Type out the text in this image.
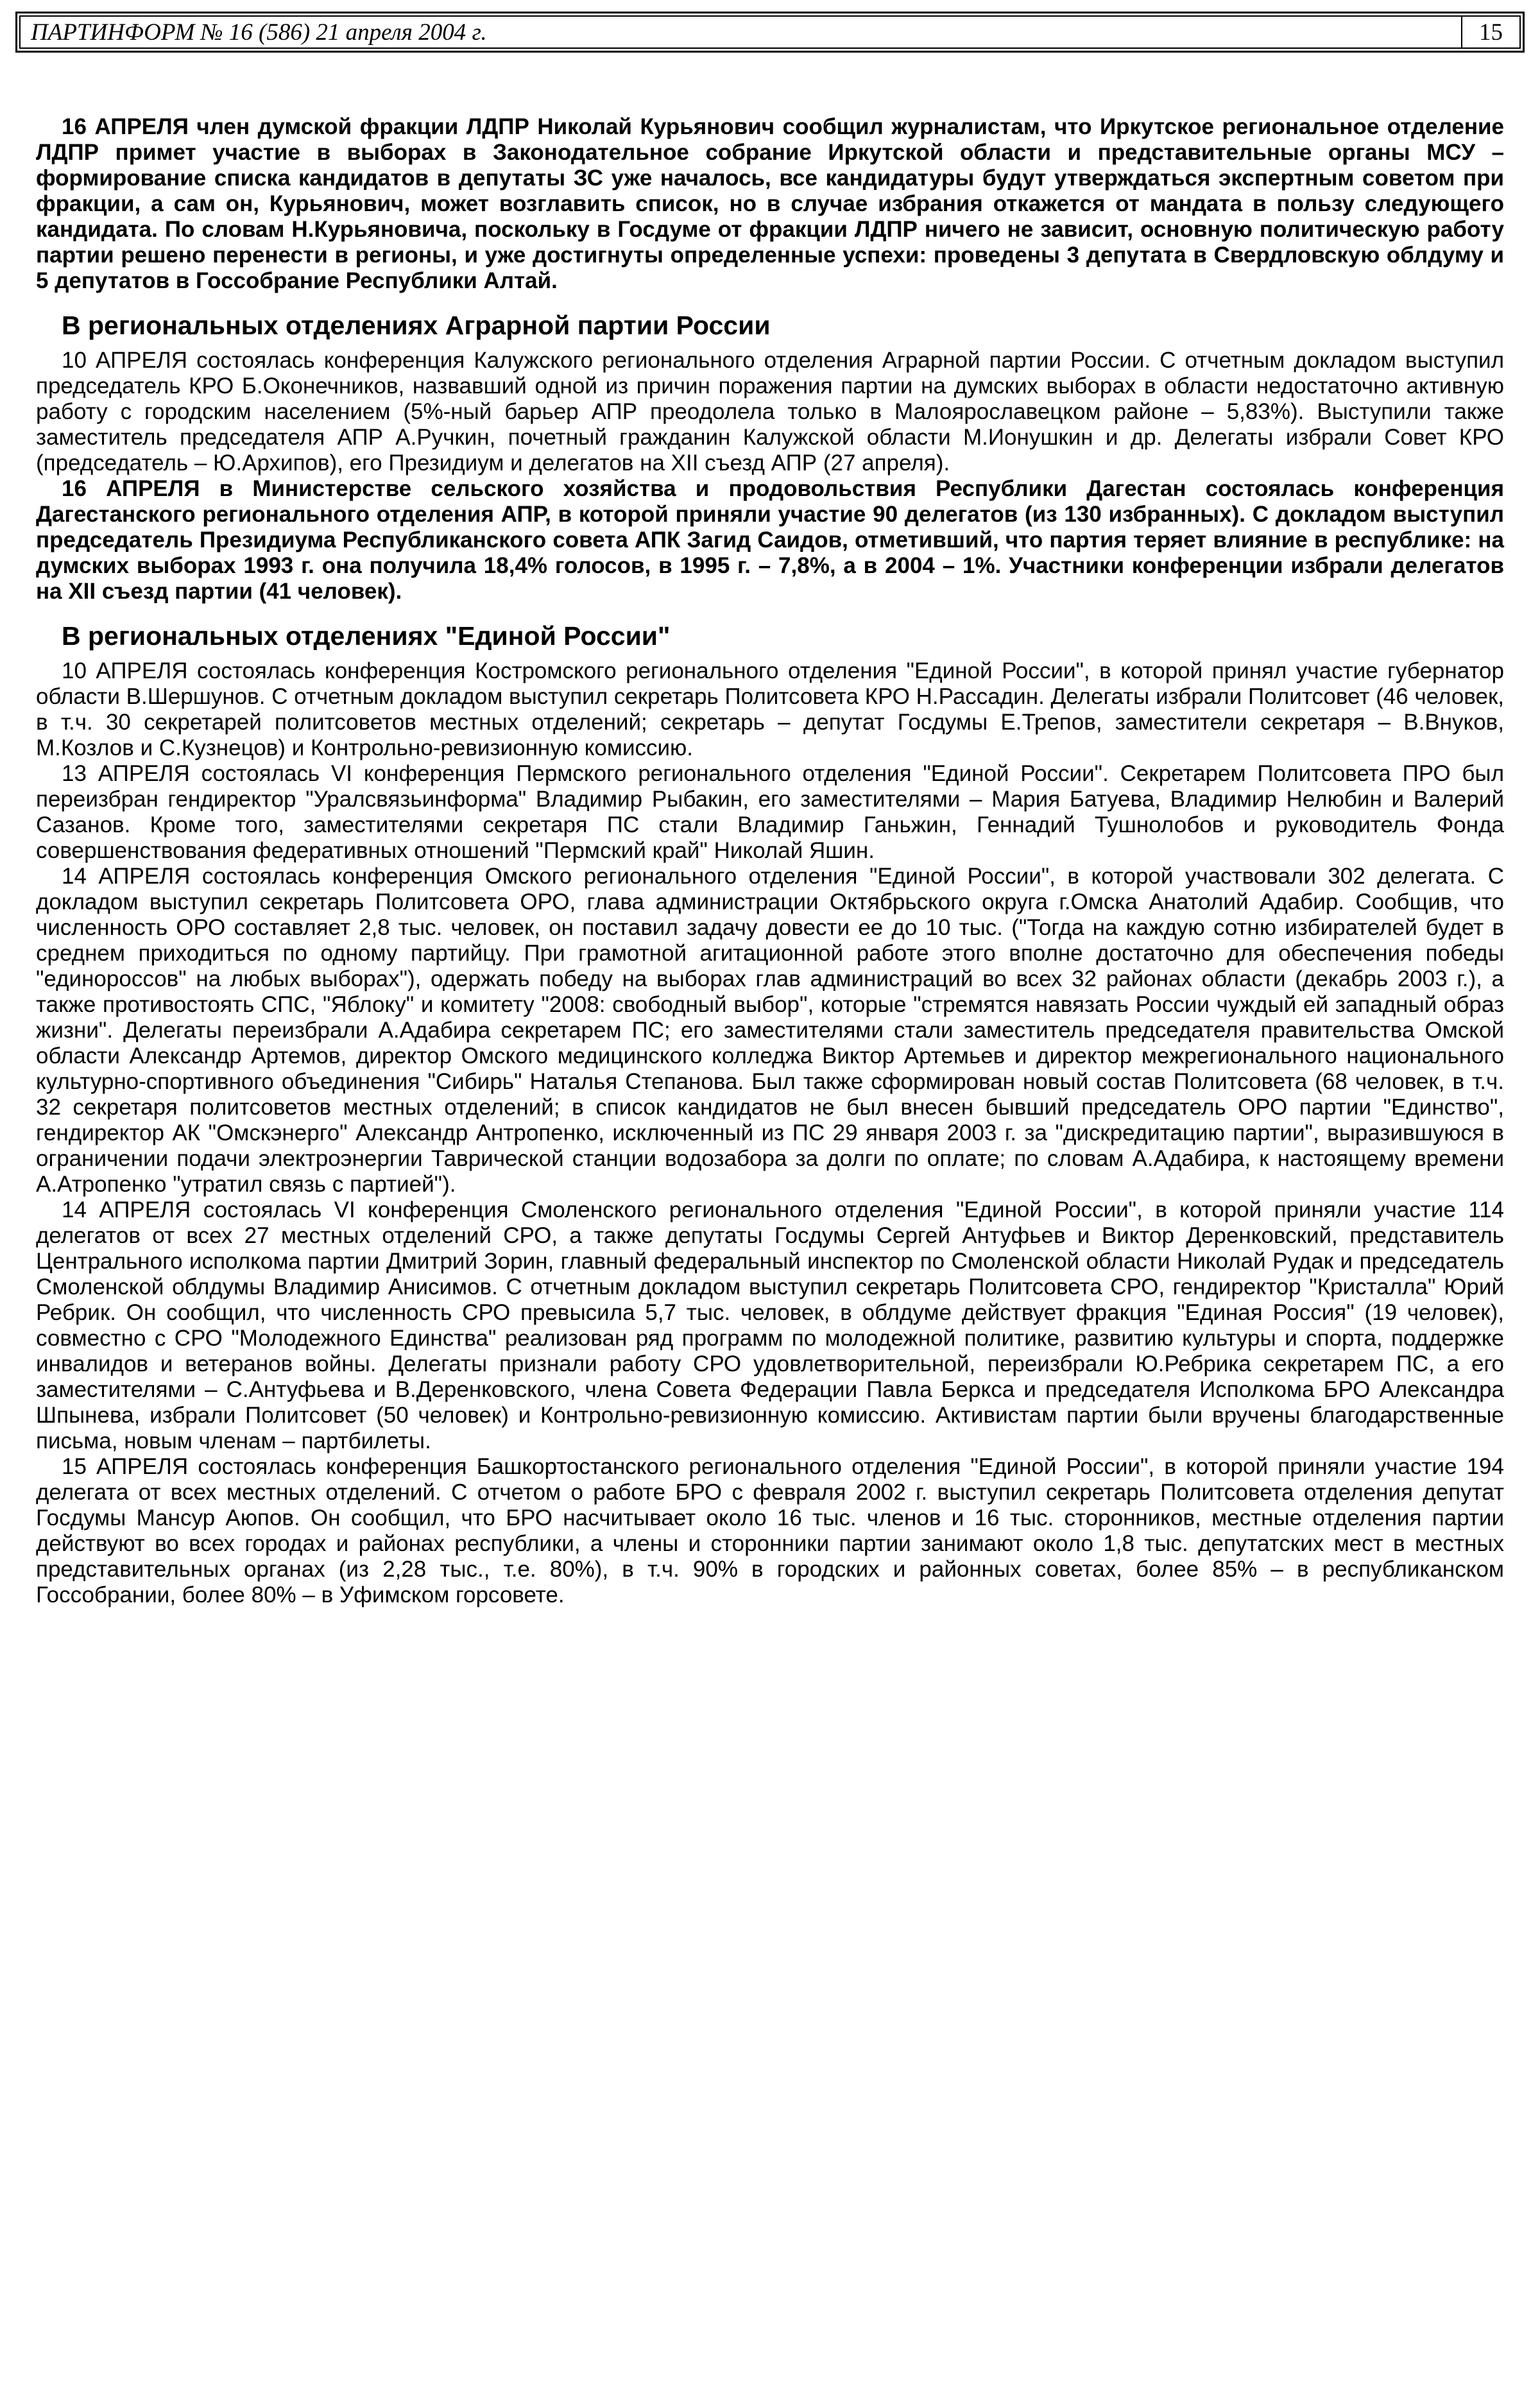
ПАРТИНФОРМ № 16 (586) 21 апреля 2004 г.	15

16 АПРЕЛЯ член думской фракции ЛДПР Николай Курьянович сообщил журналистам, что Иркутское региональное отделение ЛДПР примет участие в выборах в Законодательное собрание Иркутской области и представительные органы МСУ – формирование списка кандидатов в депутаты ЗС уже началось, все кандидатуры будут утверждаться экспертным советом при фракции, а сам он, Курьянович, может возглавить список, но в случае избрания откажется от мандата в пользу следующего кандидата. По словам Н.Курьяновича, поскольку в Госдуме от фракции ЛДПР ничего не зависит, основную политическую работу партии решено перенести в регионы, и уже достигнуты определенные успехи: проведены 3 депутата в Свердловскую облдуму и 5 депутатов в Госсобрание Республики Алтай.

В региональных отделениях Аграрной партии России

10 АПРЕЛЯ состоялась конференция Калужского регионального отделения Аграрной партии России. С отчетным докладом выступил председатель КРО Б.Оконечников, назвавший одной из причин поражения партии на думских выборах в области недостаточно активную работу с городским населением (5%-ный барьер АПР преодолела только в Малоярославецком районе – 5,83%). Выступили также заместитель председателя АПР А.Ручкин, почетный гражданин Калужской области М.Ионушкин и др. Делегаты избрали Совет КРО (председатель – Ю.Архипов), его Президиум и делегатов на XII съезд АПР (27 апреля).

16 АПРЕЛЯ в Министерстве сельского хозяйства и продовольствия Республики Дагестан состоялась конференция Дагестанского регионального отделения АПР, в которой приняли участие 90 делегатов (из 130 избранных). С докладом выступил председатель Президиума Республиканского совета АПК Загид Саидов, отметивший, что партия теряет влияние в республике: на думских выборах 1993 г. она получила 18,4% голосов, в 1995 г. – 7,8%, а в 2004 – 1%. Участники конференции избрали делегатов на XII съезд партии (41 человек).

В региональных отделениях "Единой России"

10 АПРЕЛЯ состоялась конференция Костромского регионального отделения "Единой России", в которой принял участие губернатор области В.Шершунов. С отчетным докладом выступил секретарь Политсовета КРО Н.Рассадин. Делегаты избрали Политсовет (46 человек, в т.ч. 30 секретарей политсоветов местных отделений; секретарь – депутат Госдумы Е.Трепов, заместители секретаря – В.Внуков, М.Козлов и С.Кузнецов) и Контрольно-ревизионную комиссию.

13 АПРЕЛЯ состоялась VI конференция Пермского регионального отделения "Единой России". Секретарем Политсовета ПРО был переизбран гендиректор "Уралсвязьинформа" Владимир Рыбакин, его заместителями – Мария Батуева, Владимир Нелюбин и Валерий Сазанов. Кроме того, заместителями секретаря ПС стали Владимир Ганьжин, Геннадий Тушнолобов и руководитель Фонда совершенствования федеративных отношений "Пермский край" Николай Яшин.

14 АПРЕЛЯ состоялась конференция Омского регионального отделения "Единой России", в которой участвовали 302 делегата. С докладом выступил секретарь Политсовета ОРО, глава администрации Октябрьского округа г.Омска Анатолий Адабир. Сообщив, что численность ОРО составляет 2,8 тыс. человек, он поставил задачу довести ее до 10 тыс. ("Тогда на каждую сотню избирателей будет в среднем приходиться по одному партийцу. При грамотной агитационной работе этого вполне достаточно для обеспечения победы "единороссов" на любых выборах"), одержать победу на выборах глав администраций во всех 32 районах области (декабрь 2003 г.), а также противостоять СПС, "Яблоку" и комитету "2008: свободный выбор", которые "стремятся навязать России чуждый ей западный образ жизни". Делегаты переизбрали А.Адабира секретарем ПС; его заместителями стали заместитель председателя правительства Омской области Александр Артемов, директор Омского медицинского колледжа Виктор Артемьев и директор межрегионального национального культурно-спортивного объединения "Сибирь" Наталья Степанова. Был также сформирован новый состав Политсовета (68 человек, в т.ч. 32 секретаря политсоветов местных отделений; в список кандидатов не был внесен бывший председатель ОРО партии "Единство", гендиректор АК "Омскэнерго" Александр Антропенко, исключенный из ПС 29 января 2003 г. за "дискредитацию партии", выразившуюся в ограничении подачи электроэнергии Таврической станции водозабора за долги по оплате; по словам А.Адабира, к настоящему времени А.Атропенко "утратил связь с партией").

14 АПРЕЛЯ состоялась VI конференция Смоленского регионального отделения "Единой России", в которой приняли участие 114 делегатов от всех 27 местных отделений СРО, а также депутаты Госдумы Сергей Антуфьев и Виктор Деренковский, представитель Центрального исполкома партии Дмитрий Зорин, главный федеральный инспектор по Смоленской области Николай Рудак и председатель Смоленской облдумы Владимир Анисимов. С отчетным докладом выступил секретарь Политсовета СРО, гендиректор "Кристалла" Юрий Ребрик. Он сообщил, что численность СРО превысила 5,7 тыс. человек, в облдуме действует фракция "Единая Россия" (19 человек), совместно с СРО "Молодежного Единства" реализован ряд программ по молодежной политике, развитию культуры и спорта, поддержке инвалидов и ветеранов войны. Делегаты признали работу СРО удовлетворительной, переизбрали Ю.Ребрика секретарем ПС, а его заместителями – С.Антуфьева и В.Деренковского, члена Совета Федерации Павла Беркса и председателя Исполкома БРО Александра Шпынева, избрали Политсовет (50 человек) и Контрольно-ревизионную комиссию. Активистам партии были вручены благодарственные письма, новым членам – партбилеты.

15 АПРЕЛЯ состоялась конференция Башкортостанского регионального отделения "Единой России", в которой приняли участие 194 делегата от всех местных отделений. С отчетом о работе БРО с февраля 2002 г. выступил секретарь Политсовета отделения депутат Госдумы Мансур Аюпов. Он сообщил, что БРО насчитывает около 16 тыс. членов и 16 тыс. сторонников, местные отделения партии действуют во всех городах и районах республики, а члены и сторонники партии занимают около 1,8 тыс. депутатских мест в местных представительных органах (из 2,28 тыс., т.е. 80%), в т.ч. 90% в городских и районных советах, более 85% – в республиканском Госсобрании, более 80% – в Уфимском горсовете.
